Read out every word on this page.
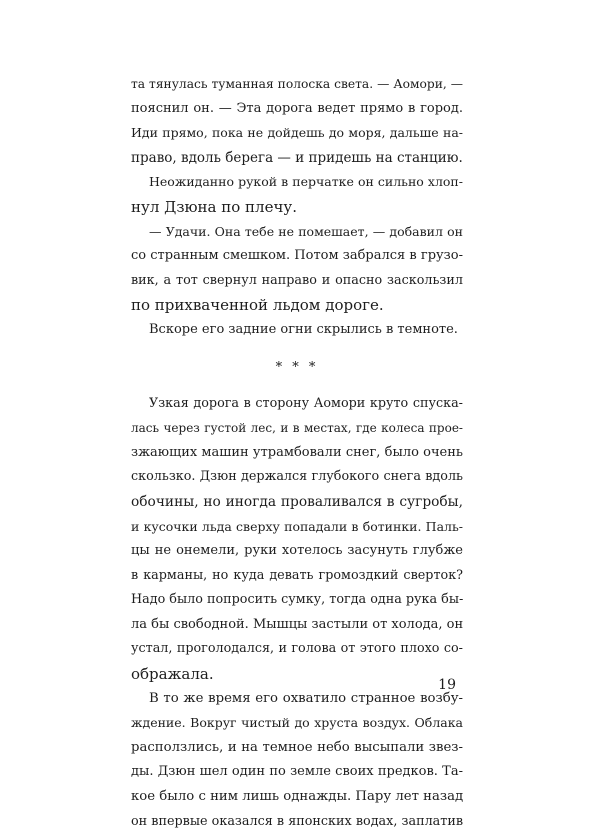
та тянулась туманная полоска света. — Аомори, —
пояснил он. — Эта дорога ведет прямо в город.
Иди прямо, пока не дойдешь до моря, дальше на-
право, вдоль берега — и придешь на станцию.
Неожиданно рукой в перчатке он сильно хлоп-
нул Дзюна по плечу.
— Удачи. Она тебе не помешает, — добавил он
со странным смешком. Потом забрался в грузо-
вик, а тот свернул направо и опасно заскользил
по прихваченной льдом дороге.
Вскоре его задние огни скрылись в темноте.
* * *
Узкая дорога в сторону Аомори круто спуска-
лась через густой лес, и в местах, где колеса прое-
зжающих машин утрамбовали снег, было очень
скользко. Дзюн держался глубокого снега вдоль
обочины, но иногда проваливался в сугробы,
и кусочки льда сверху попадали в ботинки. Паль-
цы не онемели, руки хотелось засунуть глубже
в карманы, но куда девать громоздкий сверток?
Надо было попросить сумку, тогда одна рука бы-
ла бы свободной. Мышцы застыли от холода, он
устал, проголодался, и голова от этого плохо со-
ображала.
В то же время его охватило странное возбу-
ждение. Вокруг чистый до хруста воздух. Облака
расползлись, и на темное небо высыпали звез-
ды. Дзюн шел один по земле своих предков. Та-
кое было с ним лишь однажды. Пару лет назад
он впервые оказался в японских водах, заплатив
19
